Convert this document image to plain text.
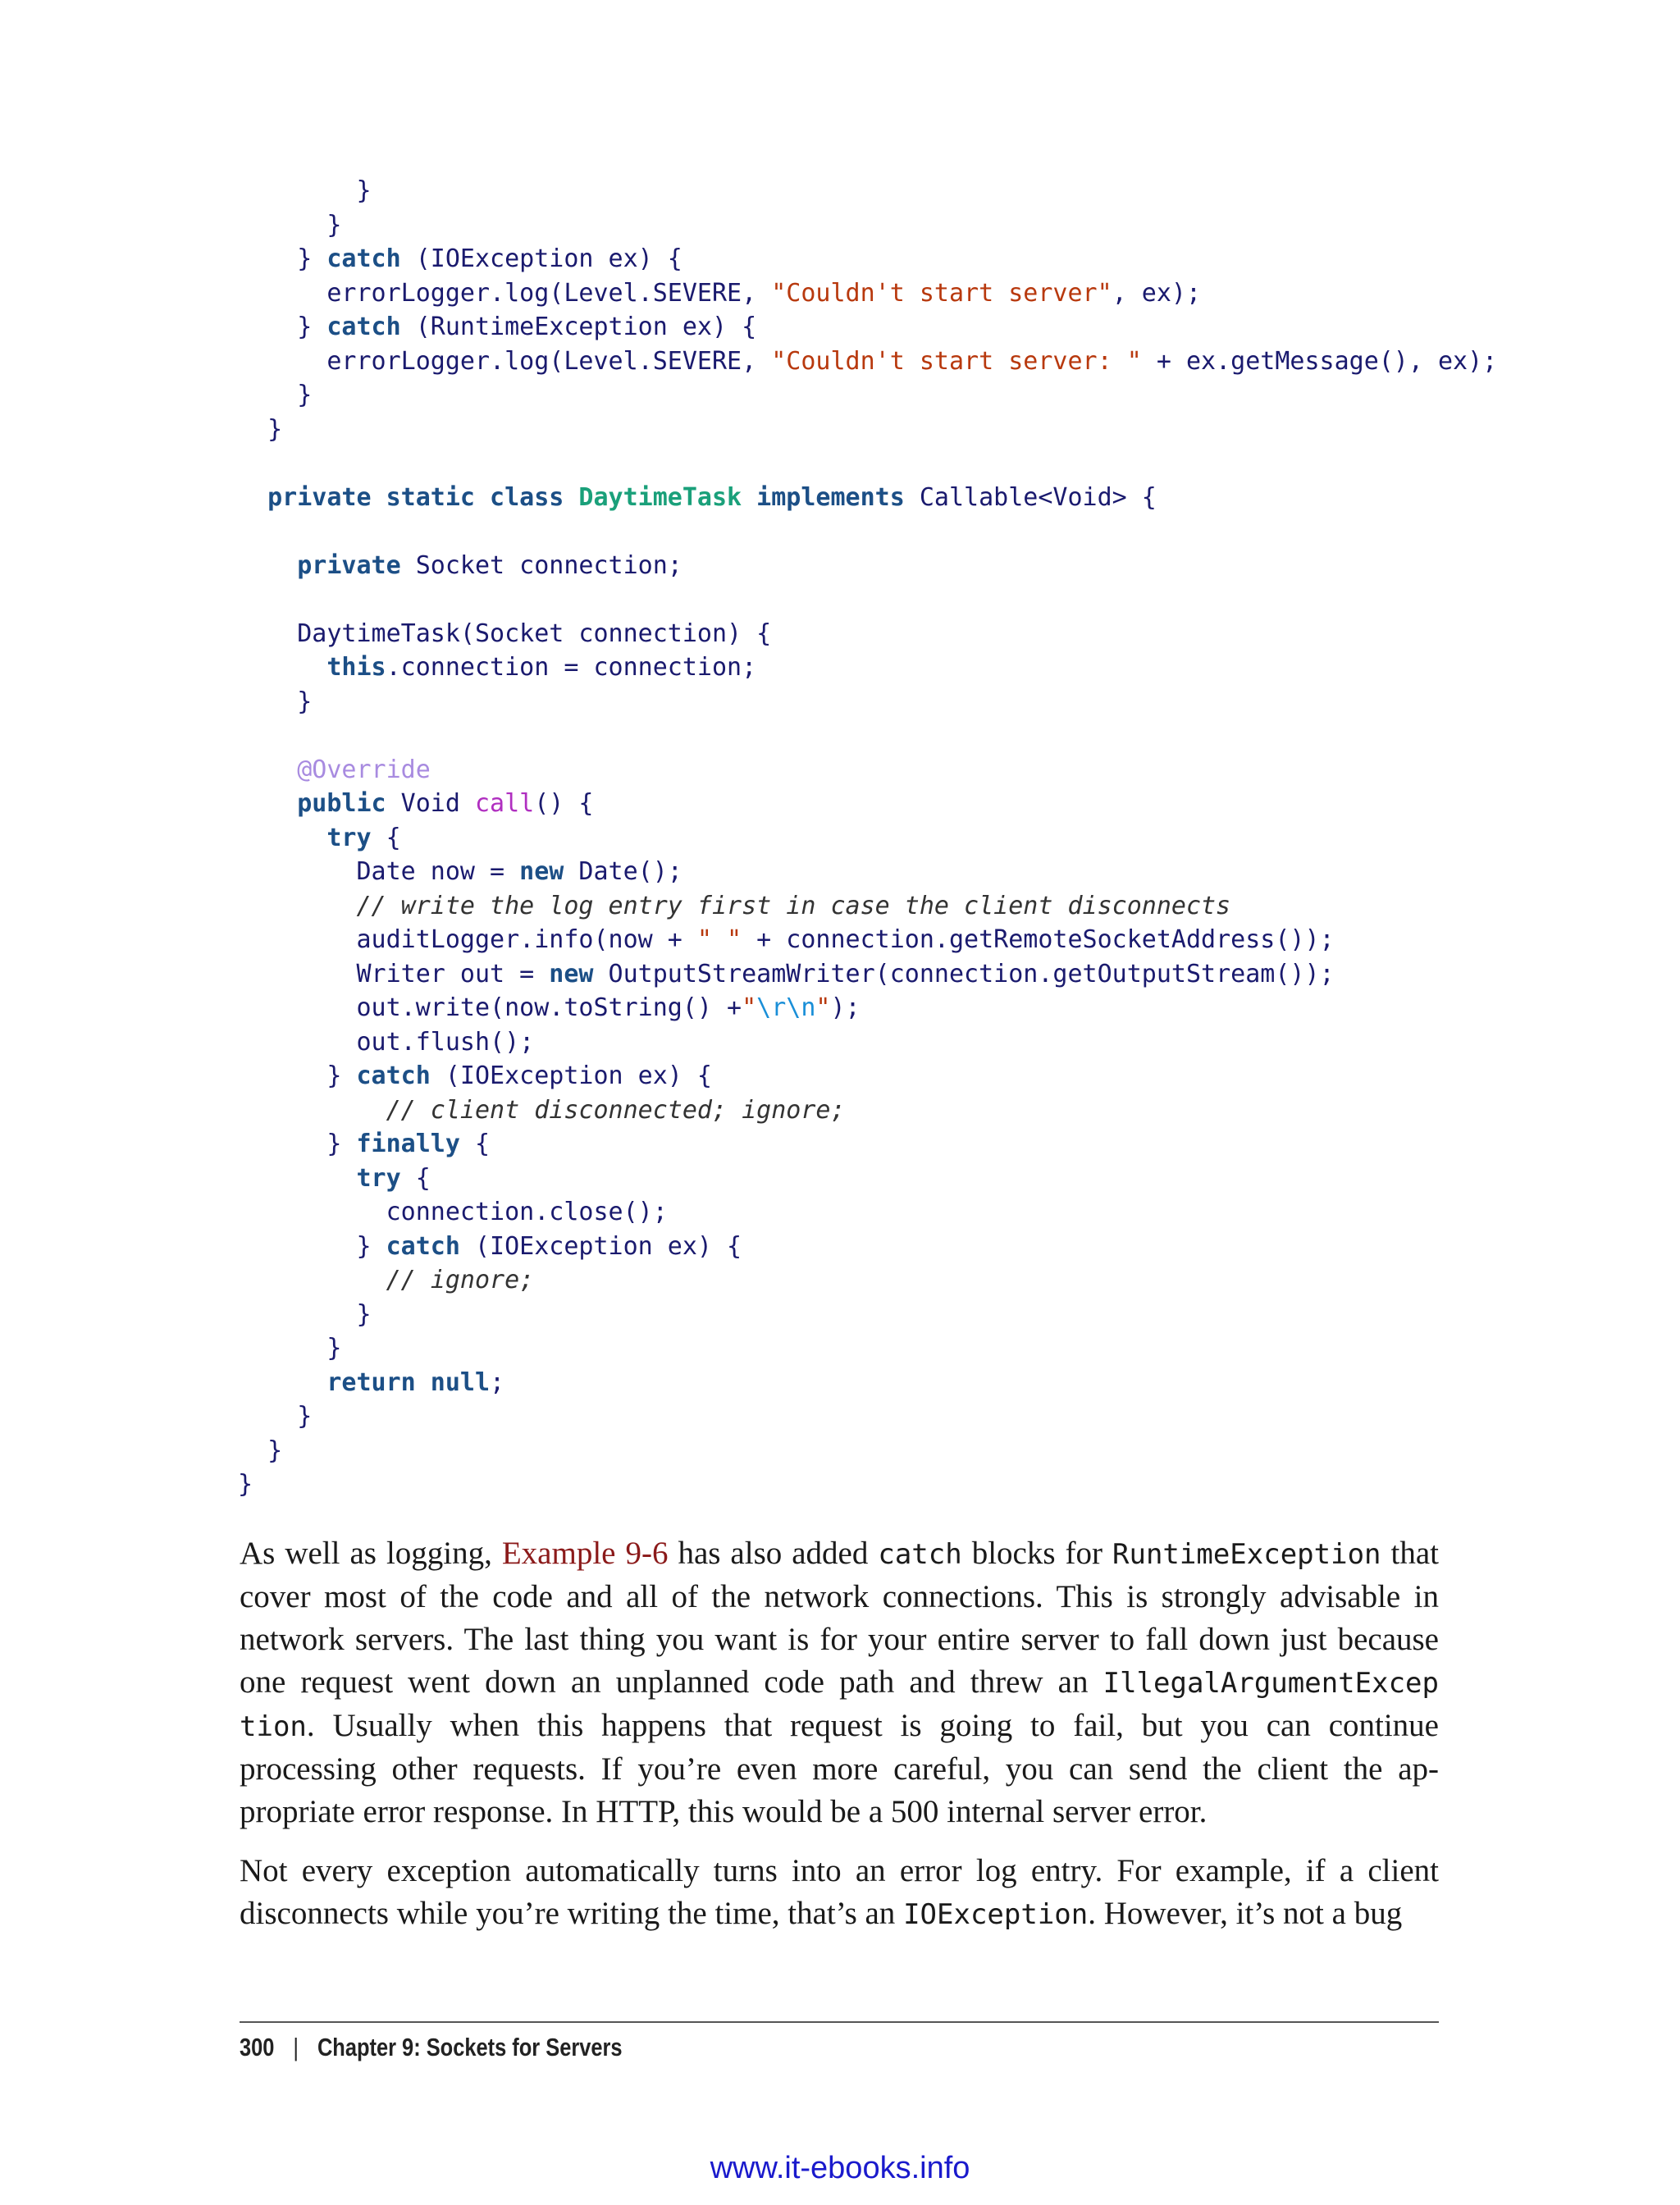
}
}
} catch (IOException ex) {
errorLogger.log(Level.SEVERE, "Couldn't start server", ex);
} catch (RuntimeException ex) {
errorLogger.log(Level.SEVERE, "Couldn't start server: " + ex.getMessage(), ex);
}
}
private static class DaytimeTask implements Callable<Void> {
private Socket connection;
DaytimeTask(Socket connection) {
this.connection = connection;
}
@Override
public Void call() {
try {
Date now = new Date();
// write the log entry first in case the client disconnects
auditLogger.info(now + " " + connection.getRemoteSocketAddress());
Writer out = new OutputStreamWriter(connection.getOutputStream());
out.write(now.toString() +"\r\n");
out.flush();
} catch (IOException ex) {
// client disconnected; ignore;
} finally {
try {
connection.close();
} catch (IOException ex) {
// ignore;
}
}
return null;
}
}
}

As well as logging, Example 9-6 has also added catch blocks for RuntimeException that cover most of the code and all of the network connections. This is strongly advisable in network servers. The last thing you want is for your entire server to fall down just because one request went down an unplanned code path and threw an IllegalArgumentExcep tion. Usually when this happens that request is going to fail, but you can continue processing other requests. If you’re even more careful, you can send the client the ap‐ propriate error response. In HTTP, this would be a 500 internal server error.

Not every exception automatically turns into an error log entry. For example, if a client disconnects while you’re writing the time, that’s an IOException. However, it’s not a bug

300 | Chapter 9: Sockets for Servers
www.it-ebooks.info
